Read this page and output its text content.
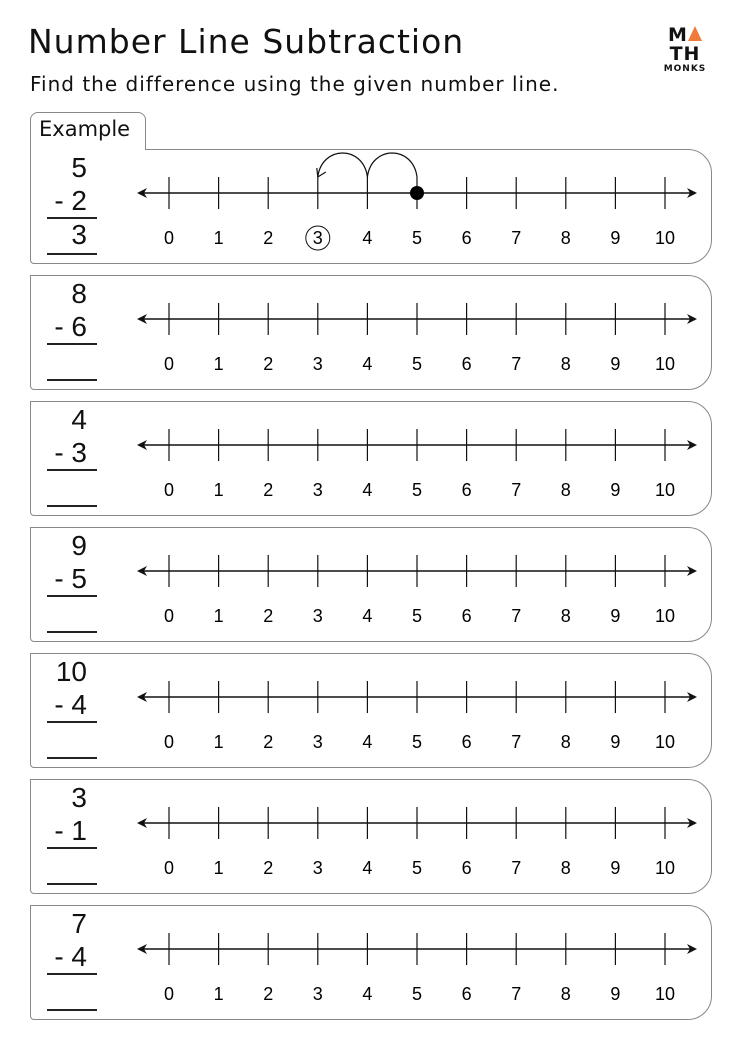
Number Line Subtraction
Find the difference using the given number line.
MTH
MONKS
Example
5
- 2
3	0 1 2 3 4 5 6 7 8 9 10
8
- 6
0 1 2 3 4 5 6 7 8 9 10
4
- 3
0 1 2 3 4 5 6 7 8 9 10
9
- 5
0 1 2 3 4 5 6 7 8 9 10
10
- 4
0 1 2 3 4 5 6 7 8 9 10
3
- 1
0 1 2 3 4 5 6 7 8 9 10
7
- 4
0 1 2 3 4 5 6 7 8 9 10
